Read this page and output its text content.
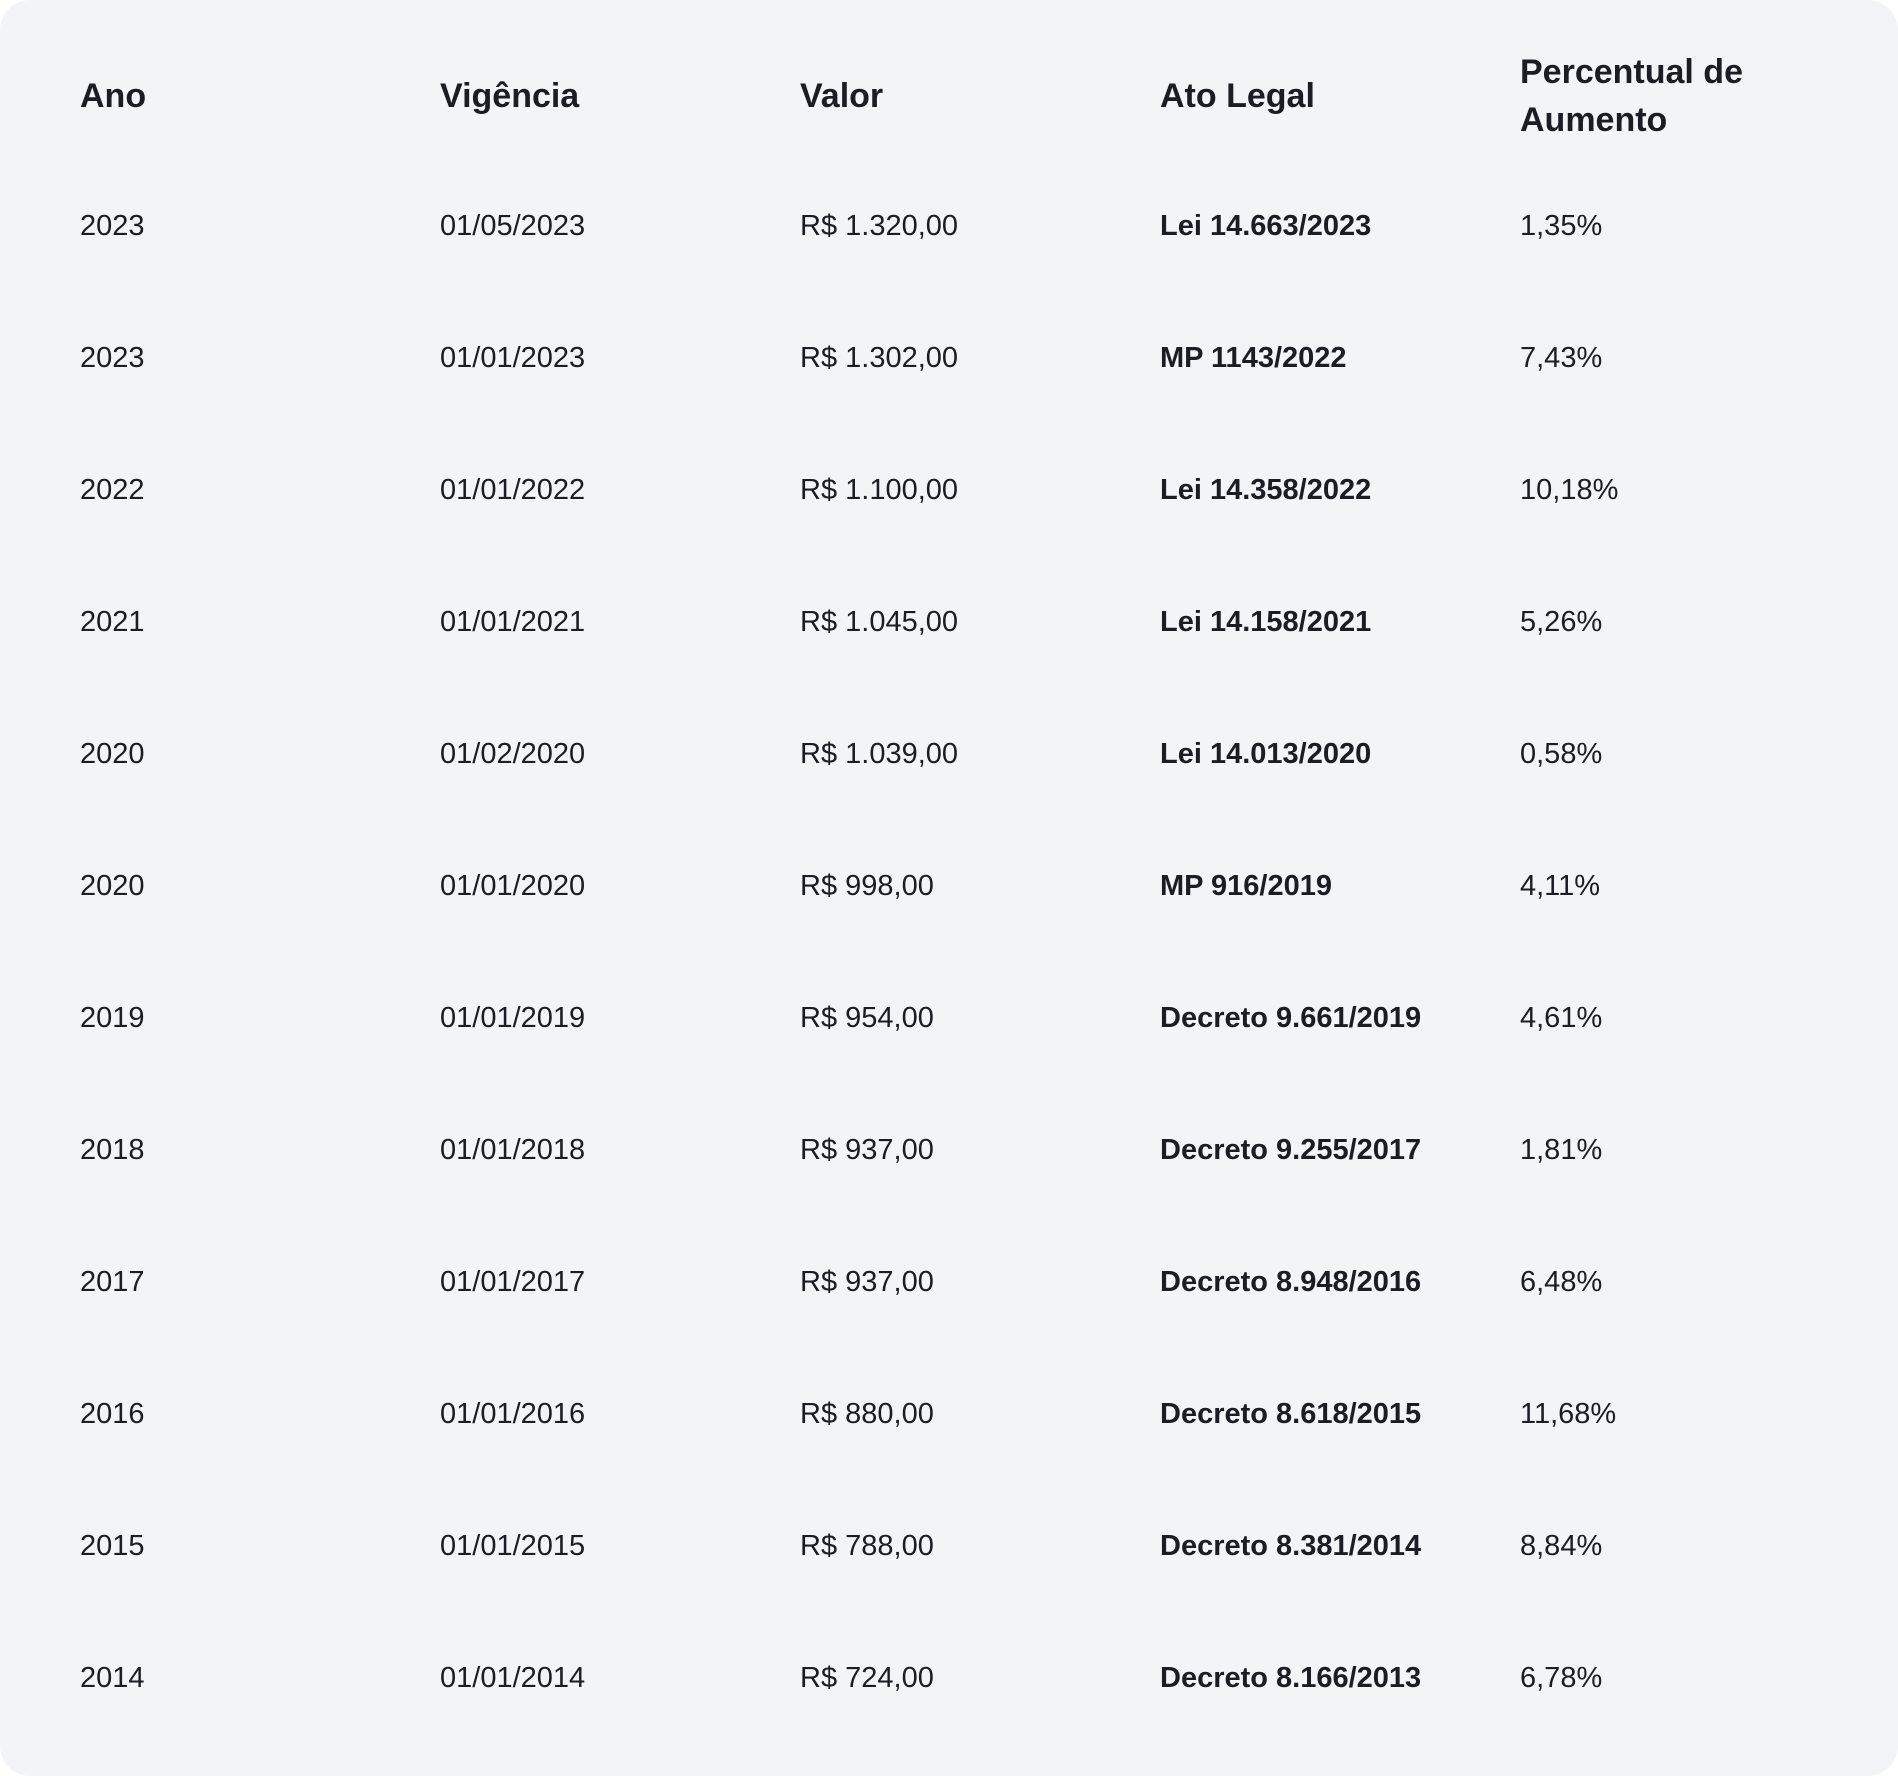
Ano	Vigência	Valor	Ato Legal	Percentual de Aumento

2023	01/05/2023	R$ 1.320,00	Lei 14.663/2023	1,35%
2023	01/01/2023	R$ 1.302,00	MP 1143/2022	7,43%
2022	01/01/2022	R$ 1.100,00	Lei 14.358/2022	10,18%
2021	01/01/2021	R$ 1.045,00	Lei 14.158/2021	5,26%
2020	01/02/2020	R$ 1.039,00	Lei 14.013/2020	0,58%
2020	01/01/2020	R$ 998,00	MP 916/2019	4,11%
2019	01/01/2019	R$ 954,00	Decreto 9.661/2019	4,61%
2018	01/01/2018	R$ 937,00	Decreto 9.255/2017	1,81%
2017	01/01/2017	R$ 937,00	Decreto 8.948/2016	6,48%
2016	01/01/2016	R$ 880,00	Decreto 8.618/2015	11,68%
2015	01/01/2015	R$ 788,00	Decreto 8.381/2014	8,84%
2014	01/01/2014	R$ 724,00	Decreto 8.166/2013	6,78%
